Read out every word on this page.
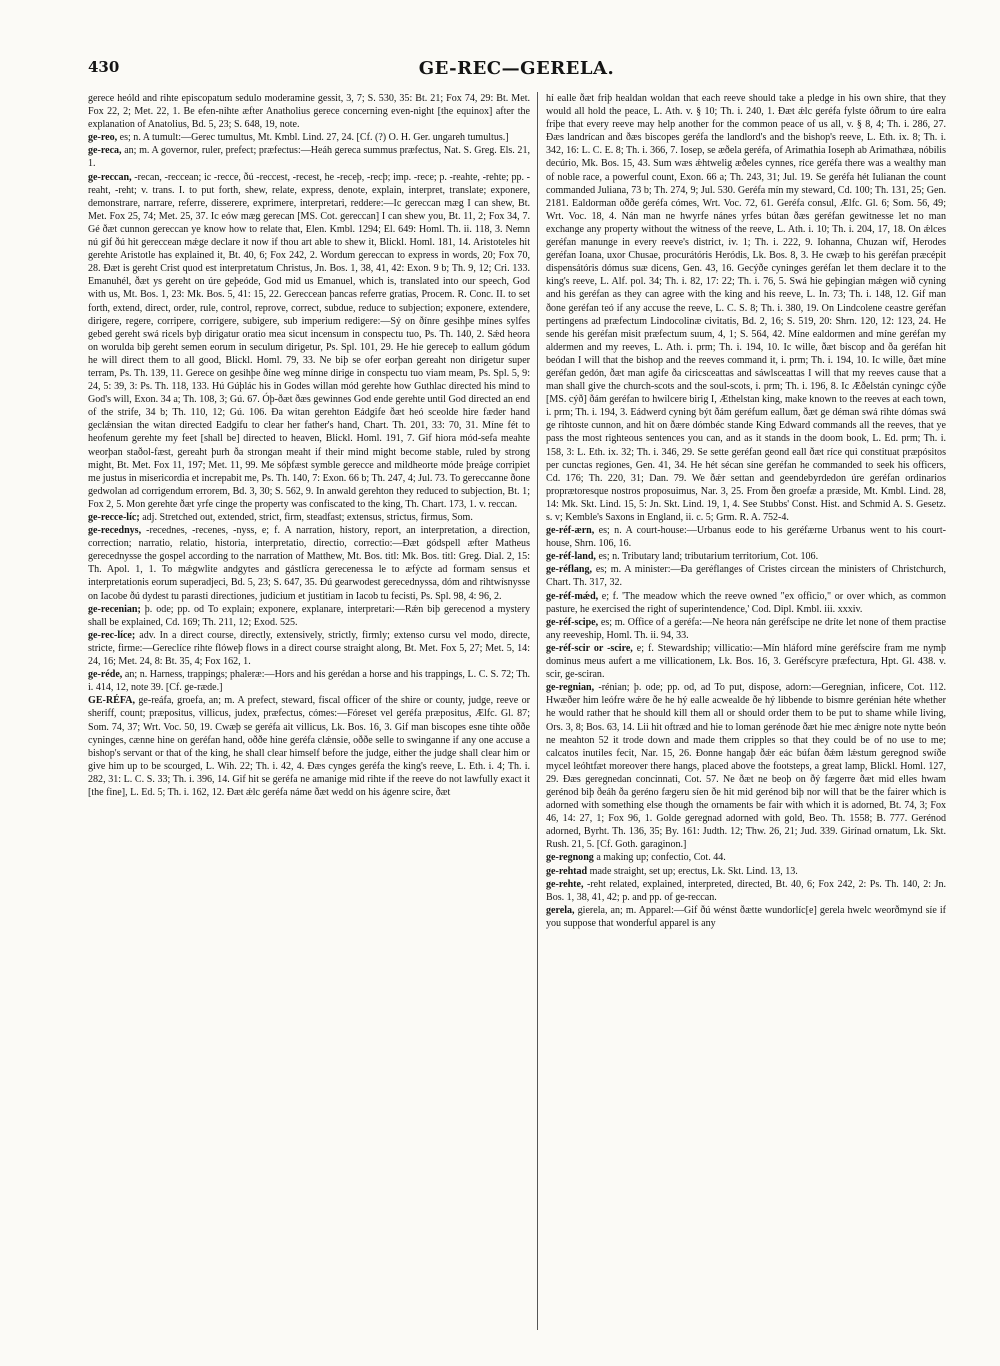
430	GE-REC—GERELA.

gerece heóld and rihte episcopatum sedulo moderamine gessit, 3, 7; S. 530, 35: Bt. 21; Fox 74, 29: Bt. Met. Fox 22, 2; Met. 22, 1. Be efen-nihte æfter Anatholius gerece concerning even-night [the equinox] after the explanation of Anatolius, Bd. 5, 23; S. 648, 19, note.

ge-reo, es; n. A tumult:—Gerec tumultus, Mt. Kmbl. Lind. 27, 24. [Cf. (?) O. H. Ger. ungareh tumultus.]

ge-reca, an; m. A governor, ruler, prefect; præfectus:—Heáh gereca summus præfectus, Nat. S. Greg. Els. 21, 1.

ge-reccan, -recan, -reccean; ic -recce, ðú -reccest, -recest, he -receþ, -recþ; imp. -rece; p. -reahte, -rehte; pp. -reaht, -reht; v. trans. I. to put forth, shew, relate, express, denote, explain, interpret, translate; exponere, demonstrare, narrare, referre, disserere, exprimere, interpretari, reddere:—Ic gereccan mæg I can shew, Bt. Met. Fox 25, 74; Met. 25, 37. Ic eów mæg gerecan [MS. Cot. gereccan] I can shew you, Bt. 11, 2; Fox 34, 7. Gé ðæt cunnon gereccan ye know how to relate that, Elen. Kmbl. 1294; El. 649: Homl. Th. ii. 118, 3. Nemn nú gif ðú hit gereccean mǽge declare it now if thou art able to shew it, Blickl. Homl. 181, 14. Aristoteles hit gerehte Aristotle has explained it, Bt. 40, 6; Fox 242, 2. Wordum gereccan to express in words, 20; Fox 70, 28. Ðæt is gereht Crist quod est interpretatum Christus, Jn. Bos. 1, 38, 41, 42: Exon. 9 b; Th. 9, 12; Cri. 133. Emanuhél, ðæt ys gereht on úre geþeóde, God mid us Emanuel, which is, translated into our speech, God with us, Mt. Bos. 1, 23: Mk. Bos. 5, 41: 15, 22. Gereccean þancas referre gratias, Procem. R. Conc. II. to set forth, extend, direct, order, rule, control, reprove, correct, subdue, reduce to subjection; exponere, extendere, dirigere, regere, corripere, corrigere, subigere, sub imperium redigere:—Sý on ðínre gesihþe mínes sylfes gebed gereht swá ricels byþ dirigatur oratio mea sicut incensum in conspectu tuo, Ps. Th. 140, 2. Sǽd heora on worulda biþ gereht semen eorum in seculum dirigetur, Ps. Spl. 101, 29. He hie gereceþ to eallum gódum he will direct them to all good, Blickl. Homl. 79, 33. Ne biþ se ofer eorþan gereaht non dirigetur super terram, Ps. Th. 139, 11. Gerece on gesihþe ðíne weg mínne dirige in conspectu tuo viam meam, Ps. Spl. 5, 9: 24, 5: 39, 3: Ps. Th. 118, 133. Hú Gúþlác his in Godes willan mód gerehte how Guthlac directed his mind to God's will, Exon. 34 a; Th. 108, 3; Gú. 67. Óþ-ðæt ðæs gewinnes God ende gerehte until God directed an end of the strife, 34 b; Th. 110, 12; Gú. 106. Ða witan gerehton Eádgife ðæt heó sceolde hire fæder hand geclǽnsian the witan directed Eadgifu to clear her father's hand, Chart. Th. 201, 33: 70, 31. Míne fét to heofenum gerehte my feet [shall be] directed to heaven, Blickl. Homl. 191, 7. Gif hiora mód-sefa meahte weorþan staðol-fæst, gereaht þurh ða strongan meaht if their mind might become stable, ruled by strong might, Bt. Met. Fox 11, 197; Met. 11, 99. Me sóþfæst symble gerecce and mildheorte móde þreáge corripiet me justus in misericordia et increpabit me, Ps. Th. 140, 7: Exon. 66 b; Th. 247, 4; Jul. 73. To gereccanne ðone gedwolan ad corrigendum errorem, Bd. 3, 30; S. 562, 9. In anwald gerehton they reduced to subjection, Bt. 1; Fox 2, 5. Mon gerehte ðæt yrfe cinge the property was confiscated to the king, Th. Chart. 173, 1. v. reccan.

ge-recce-líc; adj. Stretched out, extended, strict, firm, steadfast; extensus, strictus, firmus, Som.

ge-recednys, -recednes, -recenes, -nyss, e; f. A narration, history, report, an interpretation, a direction, correction; narratio, relatio, historia, interpretatio, directio, correctio:—Ðæt gódspell æfter Matheus gerecednysse the gospel according to the narration of Matthew, Mt. Bos. titl: Mk. Bos. titl: Greg. Dial. 2, 15: Th. Apol. 1, 1. To mǽgwlite andgytes and gástlícra gerecenessa le to æfýcte ad formam sensus et interpretationis eorum superadjeci, Bd. 5, 23; S. 647, 35. Ðú gearwodest gerecednyssa, dóm and rihtwísnysse on Iacobe ðú dydest tu parasti directiones, judicium et justitiam in Iacob tu fecisti, Ps. Spl. 98, 4: 96, 2.

ge-recenian; þ. ode; pp. od To explain; exponere, explanare, interpretari:—Rǽn biþ gerecenod a mystery shall be explained, Cd. 169; Th. 211, 12; Exod. 525.

ge-rec-líce; adv. In a direct course, directly, extensively, strictly, firmly; extenso cursu vel modo, directe, stricte, firme:—Gereclíce rihte flóweþ flows in a direct course straight along, Bt. Met. Fox 5, 27; Met. 5, 14: 24, 16; Met. 24, 8: Bt. 35, 4; Fox 162, 1.

ge-réde, an; n. Harness, trappings; phaleræ:—Hors and his gerédan a horse and his trappings, L. C. S. 72; Th. i. 414, 12, note 39. [Cf. ge-ræde.]

GE-RÉFA, ge-reáfa, groefa, an; m. A prefect, steward, fiscal officer of the shire or county, judge, reeve or sheriff, count; præpositus, villicus, judex, præfectus, cómes:—Fóreset vel geréfa præpositus, Ælfc. Gl. 87; Som. 74, 37; Wrt. Voc. 50, 19. Cwæþ se geréfa ait villicus, Lk. Bos. 16, 3. Gif man biscopes esne tihte oððe cyninges, cænne hine on geréfan hand, oððe hine geréfa clǽnsie, oððe selle to swinganne if any one accuse a bishop's servant or that of the king, he shall clear himself before the judge, either the judge shall clear him or give him up to be scourged, L. Wih. 22; Th. i. 42, 4. Ðæs cynges geréfa the king's reeve, L. Eth. i. 4; Th. i. 282, 31: L. C. S. 33; Th. i. 396, 14. Gif hit se geréfa ne amanige mid rihte if the reeve do not lawfully exact it [the fine], L. Ed. 5; Th. i. 162, 12. Ðæt ǽlc geréfa náme ðæt wedd on his ágenre scire, ðæt

hí ealle ðæt friþ healdan woldan that each reeve should take a pledge in his own shire, that they would all hold the peace, L. Ath. v. § 10; Th. i. 240, 1. Ðæt ǽlc geréfa fylste óðrum to úre ealra friþe that every reeve may help another for the common peace of us all, v. § 8, 4; Th. i. 286, 27. Ðæs landrícan and ðæs biscopes geréfa the landlord's and the bishop's reeve, L. Eth. ix. 8; Th. i. 342, 16: L. C. E. 8; Th. i. 366, 7. Iosep, se æðela geréfa, of Arimathia Ioseph ab Arimathæa, nóbilis decúrio, Mk. Bos. 15, 43. Sum wæs ǽhtwelig æðeles cynnes, ríce geréfa there was a wealthy man of noble race, a powerful count, Exon. 66 a; Th. 243, 31; Jul. 19. Se geréfa hét Iulianan the count commanded Juliana, 73 b; Th. 274, 9; Jul. 530. Geréfa mín my steward, Cd. 100; Th. 131, 25; Gen. 2181. Ealdorman oððe geréfa cómes, Wrt. Voc. 72, 61. Geréfa consul, Ælfc. Gl. 6; Som. 56, 49; Wrt. Voc. 18, 4. Nán man ne hwyrfe nánes yrfes bútan ðæs geréfan gewitnesse let no man exchange any property without the witness of the reeve, L. Ath. i. 10; Th. i. 204, 17, 18. On ǽlces geréfan manunge in every reeve's district, iv. 1; Th. i. 222, 9. Iohanna, Chuzan wíf, Herodes geréfan Ioana, uxor Chusae, procurátóris Heródis, Lk. Bos. 8, 3. He cwæþ to his geréfan præcépit dispensátóris dómus suæ dicens, Gen. 43, 16. Gecýðe cyninges geréfan let them declare it to the king's reeve, L. Alf. pol. 34; Th. i. 82, 17: 22; Th. i. 76, 5. Swá hie geþingian mǽgen wið cyning and his geréfan as they can agree with the king and his reeve, L. In. 73; Th. i. 148, 12. Gif man ðone geréfan teó if any accuse the reeve, L. C. S. 8; Th. i. 380, 19. On Lindcolene ceastre geréfan pertingens ad præfectum Lindocolinæ civitatis, Bd. 2, 16; S. 519, 20: Shrn. 120, 12: 123, 24. He sende his geréfan misit præfectum suum, 4, 1; S. 564, 42. Míne ealdormen and míne geréfan my aldermen and my reeves, L. Ath. i. prm; Th. i. 194, 10. Ic wille, ðæt biscop and ða geréfan hit beódan I will that the bishop and the reeves command it, i. prm; Th. i. 194, 10. Ic wille, ðæt míne geréfan gedón, ðæt man agife ða ciricsceattas and sáwlsceattas I will that my reeves cause that a man shall give the church-scots and the soul-scots, i. prm; Th. i. 196, 8. Ic Æðelstán cyningc cýðe [MS. cýð] ðám geréfan to hwilcere birig I, Æthelstan king, make known to the reeves at each town, i. prm; Th. i. 194, 3. Eádwerd cyning být ðám geréfum eallum, ðæt ge déman swá rihte dómas swá ge rihtoste cunnon, and hit on ðære dómbéc stande King Edward commands all the reeves, that ye pass the most righteous sentences you can, and as it stands in the doom book, L. Ed. prm; Th. i. 158, 3: L. Eth. ix. 32; Th. i. 346, 29. Se sette geréfan geond eall ðæt ríce qui constituat præpósitos per cunctas regiones, Gen. 41, 34. He hét sécan síne geréfan he commanded to seek his officers, Cd. 176; Th. 220, 31; Dan. 79. We ðǽr settan and geendebyrdedon úre geréfan ordinarios proprætoresque nostros proposuimus, Nar. 3, 25. From ðen groefæ a præside, Mt. Kmbl. Lind. 28, 14: Mk. Skt. Lind. 15, 5: Jn. Skt. Lind. 19, 1, 4. See Stubbs' Const. Hist. and Schmid A. S. Gesetz. s. v; Kemble's Saxons in England, ii. c. 5; Grm. R. A. 752-4.

ge-réf-ærn, es; n. A court-house:—Urbanus eode to his geréfærne Urbanus went to his court-house, Shrn. 106, 16.

ge-réf-land, es; n. Tributary land; tributarium territorium, Cot. 106.

ge-réflang, es; m. A minister:—Ða geréflanges of Cristes circean the ministers of Christchurch, Chart. Th. 317, 32.

ge-réf-mǽd, e; f. 'The meadow which the reeve owned "ex officio," or over which, as common pasture, he exercised the right of superintendence,' Cod. Dipl. Kmbl. iii. xxxiv.

ge-réf-scipe, es; m. Office of a geréfa:—Ne heora nán geréfscipe ne dríte let none of them practise any reeveship, Homl. Th. ii. 94, 33.

ge-réf-scir or -scire, e; f. Stewardship; villicatio:—Mín hláford míne geréfscire fram me nymþ dominus meus aufert a me villicationem, Lk. Bos. 16, 3. Geréfscyre præfectura, Hpt. Gl. 438. v. scir, ge-sciran.

ge-regnian, -rénian; þ. ode; pp. od, ad To put, dispose, adorn:—Geregnian, inficere, Cot. 112. Hwæðer him leófre wǽre ðe he hý ealle acwealde ðe hý libbende to bismre gerénian héte whether he would rather that he should kill them all or should order them to be put to shame while living, Ors. 3, 8; Bos. 63, 14. Lii hit oftræd and hie to loman gerénode ðæt hie mec ǽnigre note nytte beón ne meahton 52 it trode down and made them cripples so that they could be of no use to me; calcatos inutiles fecit, Nar. 15, 26. Ðonne hangaþ ðǽr eác búfan ðǽm lǽstum geregnod swíðe mycel leóhtfæt moreover there hangs, placed above the footsteps, a great lamp, Blickl. Homl. 127, 29. Ðæs geregnedan concinnati, Cot. 57. Ne ðæt ne beoþ on ðý fægerre ðæt mid elles hwam gerénod biþ ðeáh ða geréno fægeru síen ðe hit mid gerénod biþ nor will that be the fairer which is adorned with something else though the ornaments be fair with which it is adorned, Bt. 74, 3; Fox 46, 14: 27, 1; Fox 96, 1. Golde geregnad adorned with gold, Beo. Th. 1558; B. 777. Gerénod adorned, Byrht. Th. 136, 35; By. 161: Judth. 12; Thw. 26, 21; Jud. 339. Girínad ornatum, Lk. Skt. Rush. 21, 5. [Cf. Goth. garaginon.]

ge-regnong a making up; confectio, Cot. 44.

ge-rehtad made straight, set up; erectus, Lk. Skt. Lind. 13, 13.

ge-rehte, -reht related, explained, interpreted, directed, Bt. 40, 6; Fox 242, 2: Ps. Th. 140, 2: Jn. Bos. 1, 38, 41, 42; p. and pp. of ge-reccan.

gerela, gierela, an; m. Apparel:—Gif ðú wénst ðætte wundorlíc[e] gerela hwelc weorðmynd síe if you suppose that wonderful apparel is any
